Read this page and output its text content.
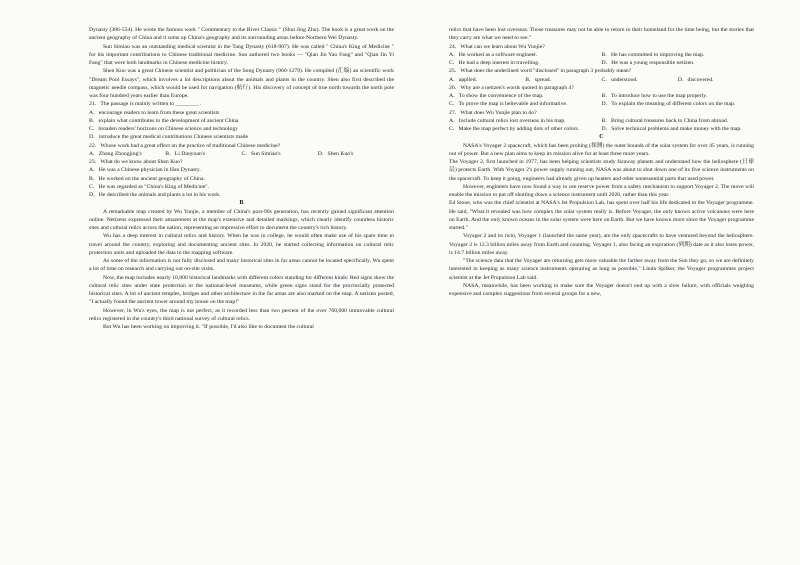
Dynasty (386-534). He wrote the famous work " Commentary to the River Classic " (Shui Jing Zhu). The book is a great work on the ancient geography of China and it sums up China's geography and its surrounding areas before Northern Wei Dynasty.

Sun Simiao was an outstanding medical scientist in the Tang Dynasty (618-907). He was called " China's King of Medicine " for his important contributions to Chinese traditional medicine. Sun authored two books — "Qian Jin Yao Fang" and "Qian Jin Yi Fang" that were both landmarks in Chinese medicine history.

Shen Kuo was a great Chinese scientist and politician of the Song Dynasty (960-1279). He compiled (汇编) an scientific work "Dream Pool Essays", which involves a lot descriptions about the animals and plants in the country. Shen also first described the magnetic needle compass, which would be used for navigation (航行). His discovery of concept of true north towards the north pole was four hundred years earlier than Europe.

21．The passage is mainly written to ________ .

A．encourage readers to learn from these great scientists

B．explain what contributes to the development of ancient China

C．broaden readers' horizons on Chinese science and technology

D．introduce the great medical contributions Chinese scientists made

22．Whose work had a great effect on the practice of traditional Chinese medicine?

A．Zhang Zhongjing's	B．Li Daoyuan's	C．Sun Simiao's	D．Shen Kuo's

23．What do we know about Shen Kuo?

A．He was a Chinese physician in Han Dynasty.

B．He worked on the ancient geography of China.

C．He was regarded as "China's King of Medicine".

D．He described the animals and plants a lot in his work.

B

A remarkable map created by Wu Yunjie, a member of China's post-90s generation, has recently gained significant attention online. Netizens expressed their amazement at the map's extensive and detailed markings, which clearly identify countless historic sites and cultural relics across the nation, representing an impressive effort to document the country's rich history.

Wu has a deep interest in cultural relics and history. When he was in college, he would often make use of his spare time to travel around the country, exploring and documenting ancient sites. In 2020, he started collecting information on cultural relic protection units and uploaded the data to the mapping software.

As some of the information is not fully disclosed and many historical sites in far areas cannot be located specifically, Wu spent a lot of time on research and carrying out on-site visits.

Now, the map includes nearly 10,000 historical landmarks with different colors standing for different kinds: Red signs show the cultural relic sites under state protection or the national-level museums, while green signs stand for the provincially protected historical sites. A lot of ancient temples, bridges and other architecture in the far areas are also marked on the map. A netizen posted, "I actually found the ancient tower around my house on the map!"

However, in Wu's eyes, the map is not perfect, as it recorded less than two percent of the over 760,000 immovable cultural relics registered in the country's third national survey of cultural relics.

But Wu has been working on improving it. "If possible, I'd also like to document the cultural

relics that have been lost overseas. Those treasures may not be able to return to their homeland for the time being, but the stories that they carry are what we need to see."

24．What can we learn about Wu Yunjie?

A．He worked as a software engineer.	B．He has committed to improving the map.
C．He had a deep interest in travelling.	D．He was a young responsible netizen.

25．What does the underlined word "disclosed" in paragraph 3 probably mean?

A．applied.	B．spread.	C．understood.	D．discovered.

26．Why are a netizen's words quoted in paragraph 4?

A．To show the convenience of the map.	B．To introduce how to use the map properly.
C．To prove the map is believable and informative.	D．To explain the meaning of different colors on the map.

27．What does Wu Yunjie plan to do?

A．Include cultural relics lost overseas in his map.	B．Bring cultural treasures back to China from abroad.
C．Make the map perfect by adding dots of other colors.	D．Solve technical problems and make money with the map.

C

NASA's Voyager 2 spacecraft, which has been probing (探测) the outer bounds of the solar system for over 45 years, is running out of power. But a new plan aims to keep its mission alive for at least three more years.

The Voyager 2, first launched in 1977, has been helping scientists study faraway planets and understand how the heliosphere (日球层) protects Earth. With Voyager 2's power supply running out, NASA was about to shut down one of its five science instruments on the spacecraft. To keep it going, engineers had already given up heaters and other nonessential parts that used power.

However, engineers have now found a way to use reserve power from a safety mechanism to support Voyager 2. The move will enable the mission to put off shutting down a science instrument until 2026, rather than this year.

Ed Stone, who was the chief scientist at NASA's Jet Propulsion Lab, has spent over half his life dedicated to the Voyager programme. He said, "What it revealed was how complex the solar system really is. Before Voyager, the only known active volcanoes were here on Earth. And the only known oceans in the solar system were here on Earth. But we have known more since the Voyager programme started."

Voyager 2 and its twin, Voyager 1 (launched the same year), are the only spacecrafts to have ventured beyond the heliosphere. Voyager 2 is 12.3 billion miles away from Earth and counting. Voyager 1, also facing an expiration (到期) date as it also loses power, is 14.7 billion miles away.

"The science data that the Voyager are returning gets more valuable the farther away from the Sun they go, so we are definitely interested in keeping as many science instruments operating as long as possible," Linda Spilker, the Voyager programmes project scientist at the Jet Propulsion Lab said.

NASA, meanwhile, has been working to make sure the Voyager doesn't end up with a slow failure, with officials weighing expensive and complex suggestions from several groups for a new,
